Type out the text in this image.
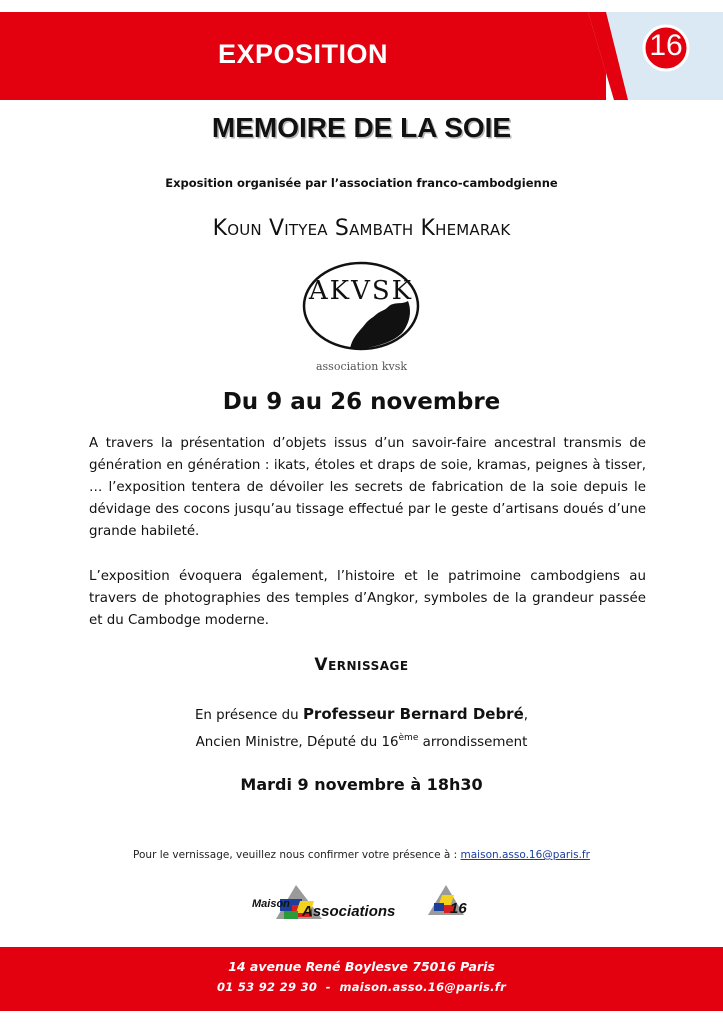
EXPOSITION	16
MEMOIRE DE LA SOIE
Exposition organisée par l’association franco-cambodgienne
Koun Vityea Sambath Khemarak
AKVSK
association kvsk
Du 9 au 26 novembre

A travers la présentation d’objets issus d’un savoir-faire ancestral transmis de génération en génération : ikats, étoles et draps de soie, kramas, peignes à tisser, … l’exposition tentera de dévoiler les secrets de fabrication de la soie depuis le dévidage des cocons jusqu’au tissage effectué par le geste d’artisans doués d’une grande habileté.

L’exposition évoquera également, l’histoire et le patrimoine cambodgiens au travers de photographies des temples d’Angkor, symboles de la grandeur passée et du Cambodge moderne.

Vernissage
En présence du Professeur Bernard Debré,
Ancien Ministre, Député du 16ème arrondissement
Mardi 9 novembre à 18h30
Pour le vernissage, veuillez nous confirmer votre présence à : maison.asso.16@paris.fr
Maison Associations	16
14 avenue René Boylesve 75016 Paris
01 53 92 29 30  -  maison.asso.16@paris.fr
